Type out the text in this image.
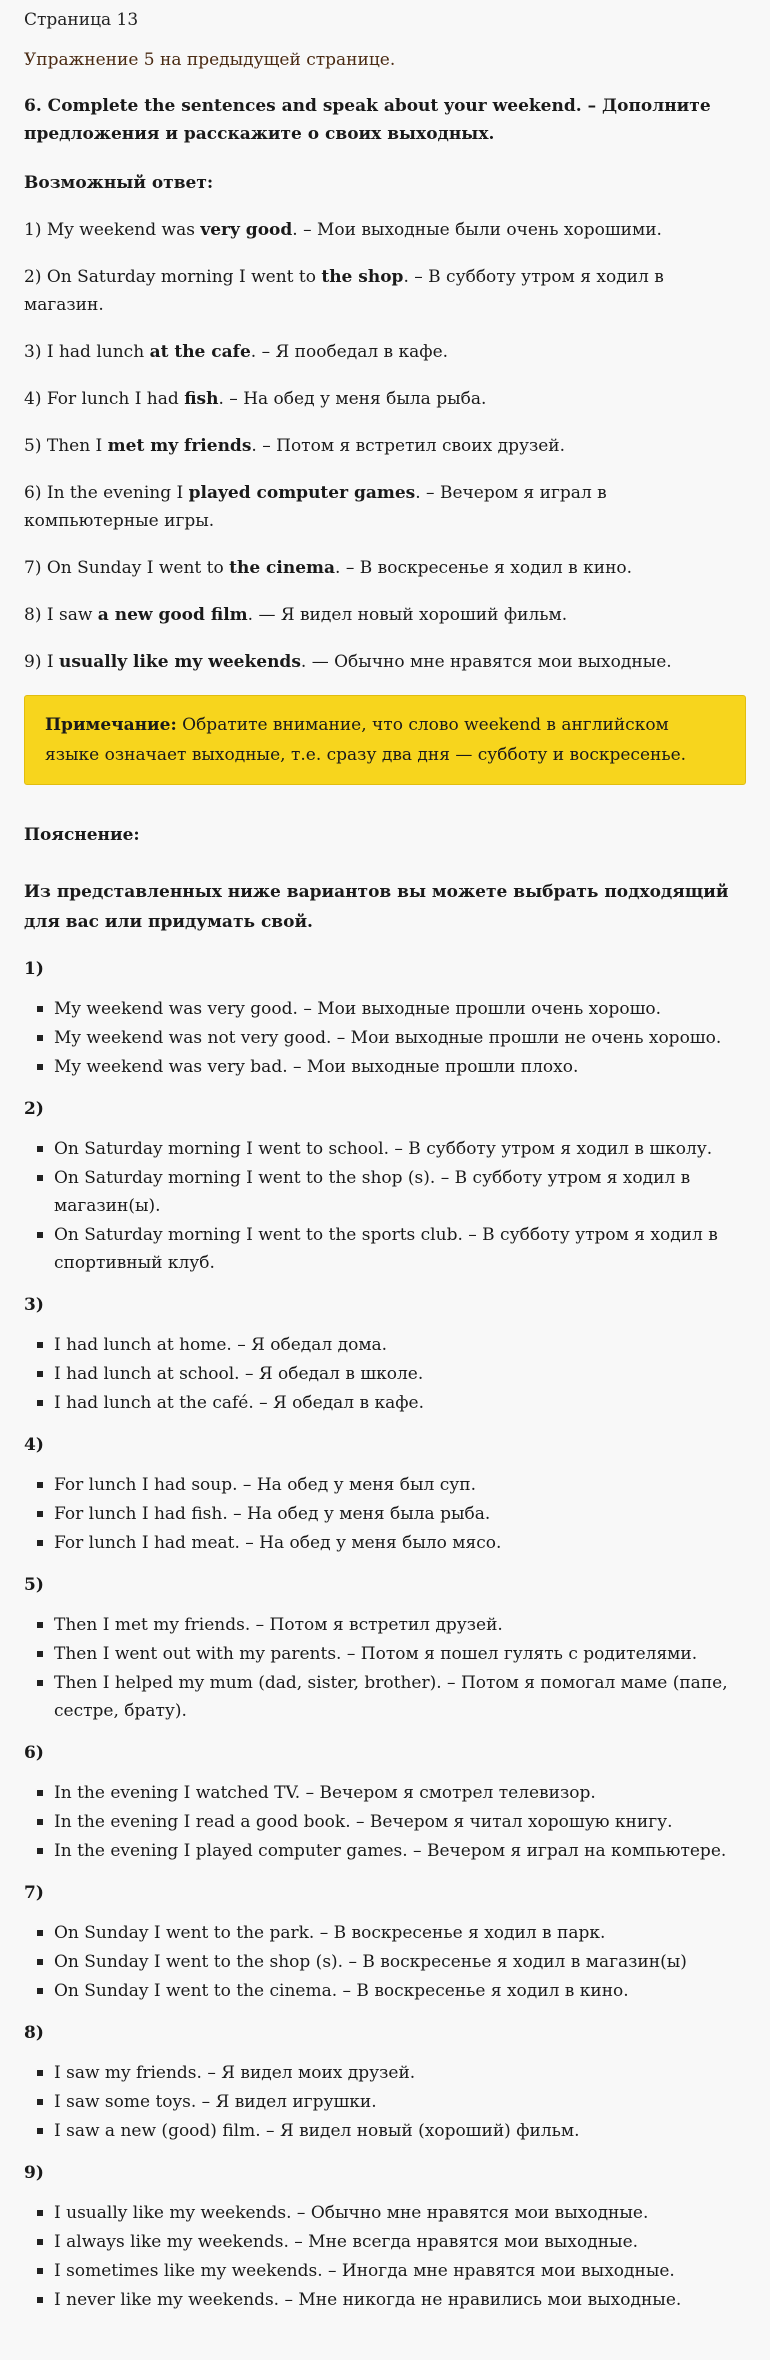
Страница 13
Упражнение 5 на предыдущей странице.

6. Complete the sentences and speak about your weekend. – Дополните предложения и расскажите о своих выходных.

Возможный ответ:

1) My weekend was very good. – Мои выходные были очень хорошими.

2) On Saturday morning I went to the shop. – В субботу утром я ходил в магазин.

3) I had lunch at the cafe. – Я пообедал в кафе.

4) For lunch I had fish. – На обед у меня была рыба.

5) Then I met my friends. – Потом я встретил своих друзей.

6) In the evening I played computer games. – Вечером я играл в компьютерные игры.

7) On Sunday I went to the cinema. – В воскресенье я ходил в кино.

8) I saw a new good film. — Я видел новый хороший фильм.

9) I usually like my weekends. — Обычно мне нравятся мои выходные.

Примечание: Обратите внимание, что слово weekend в английском языке означает выходные, т.е. сразу два дня — субботу и воскресенье.

Пояснение:

Из представленных ниже вариантов вы можете выбрать подходящий для вас или придумать свой.

1)

My weekend was very good. – Мои выходные прошли очень хорошо.
My weekend was not very good. – Мои выходные прошли не очень хорошо.
My weekend was very bad. – Мои выходные прошли плохо.

2)

On Saturday morning I went to school. – В субботу утром я ходил в школу.
On Saturday morning I went to the shop (s). – В субботу утром я ходил в магазин(ы).
On Saturday morning I went to the sports club. – В субботу утром я ходил в спортивный клуб.

3)

I had lunch at home. – Я обедал дома.
I had lunch at school. – Я обедал в школе.
I had lunch at the café. – Я обедал в кафе.

4)

For lunch I had soup. – На обед у меня был суп.
For lunch I had fish. – На обед у меня была рыба.
For lunch I had meat. – На обед у меня было мясо.

5)

Then I met my friends. – Потом я встретил друзей.
Then I went out with my parents. – Потом я пошел гулять с родителями.
Then I helped my mum (dad, sister, brother). – Потом я помогал маме (папе, сестре, брату).

6)

In the evening I watched TV. – Вечером я смотрел телевизор.
In the evening I read a good book. – Вечером я читал хорошую книгу.
In the evening I played computer games. – Вечером я играл на компьютере.

7)

On Sunday I went to the park. – В воскресенье я ходил в парк.
On Sunday I went to the shop (s). – В воскресенье я ходил в магазин(ы)
On Sunday I went to the cinema. – В воскресенье я ходил в кино.

8)

I saw my friends. – Я видел моих друзей.
I saw some toys. – Я видел игрушки.
I saw a new (good) film. – Я видел новый (хороший) фильм.

9)

I usually like my weekends. – Обычно мне нравятся мои выходные.
I always like my weekends. – Мне всегда нравятся мои выходные.
I sometimes like my weekends. – Иногда мне нравятся мои выходные.
I never like my weekends. – Мне никогда не нравились мои выходные.
